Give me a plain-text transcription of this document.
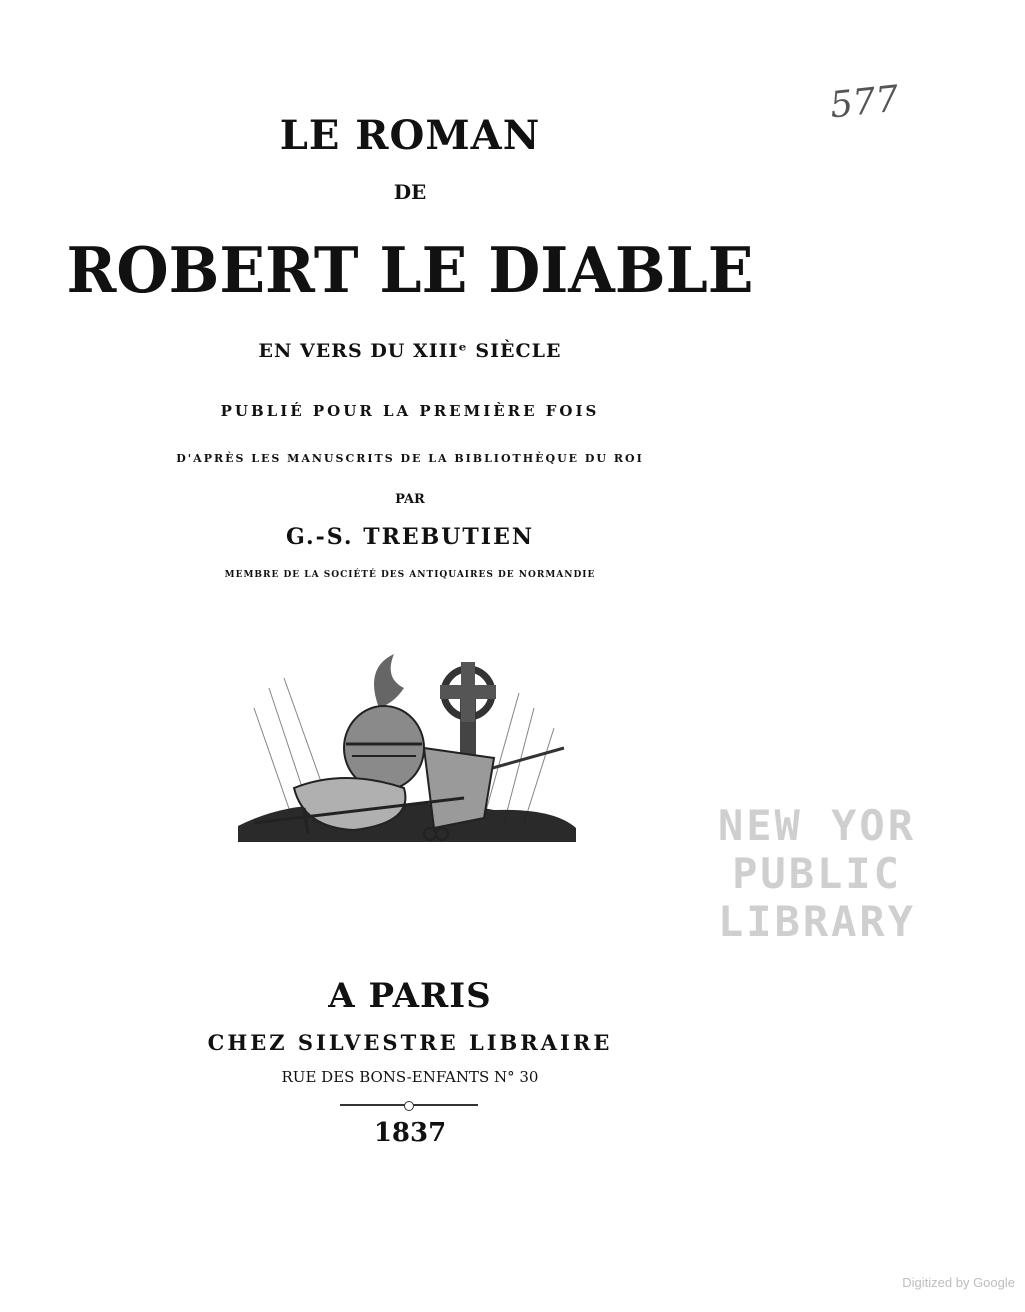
LE ROMAN
DE
ROBERT LE DIABLE
EN VERS DU XIIIᵉ SIÈCLE
PUBLIÉ POUR LA PREMIÈRE FOIS
D'APRÈS LES MANUSCRITS DE LA BIBLIOTHÈQUE DU ROI
PAR
G.-S. TREBUTIEN
MEMBRE DE LA SOCIÉTÉ DES ANTIQUAIRES DE NORMANDIE
A PARIS
CHEZ SILVESTRE LIBRAIRE
RUE DES BONS-ENFANTS N° 30
1837
577
NEW YOR
PUBLIC
LIBRARY
Digitized by Google
